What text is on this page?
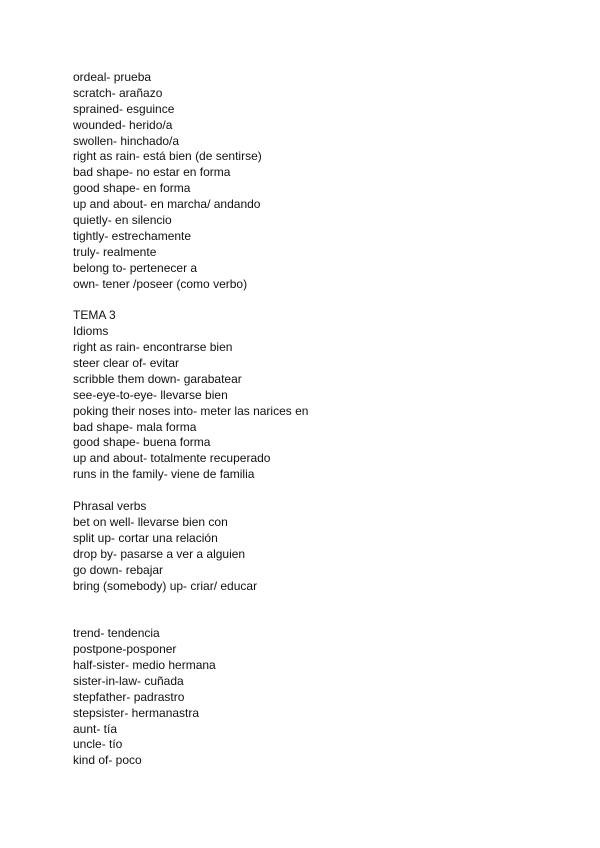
ordeal- prueba
scratch- arañazo
sprained- esguince
wounded- herido/a
swollen- hinchado/a
right as rain- está bien (de sentirse)
bad shape- no estar en forma
good shape- en forma
up and about- en marcha/ andando
quietly- en silencio
tightly- estrechamente
truly- realmente
belong to- pertenecer a
own- tener /poseer (como verbo)
TEMA 3
Idioms
right as rain- encontrarse bien
steer clear of- evitar
scribble them down- garabatear
see-eye-to-eye- llevarse bien
poking their noses into- meter las narices en
bad shape- mala forma
good shape- buena forma
up and about- totalmente recuperado
runs in the family- viene de familia
Phrasal verbs
bet on well- llevarse bien con
split up- cortar una relación
drop by- pasarse a ver a alguien
go down- rebajar
bring (somebody) up- criar/ educar
trend- tendencia
postpone-posponer
half-sister- medio hermana
sister-in-law- cuñada
stepfather- padrastro
stepsister- hermanastra
aunt- tía
uncle- tío
kind of- poco
